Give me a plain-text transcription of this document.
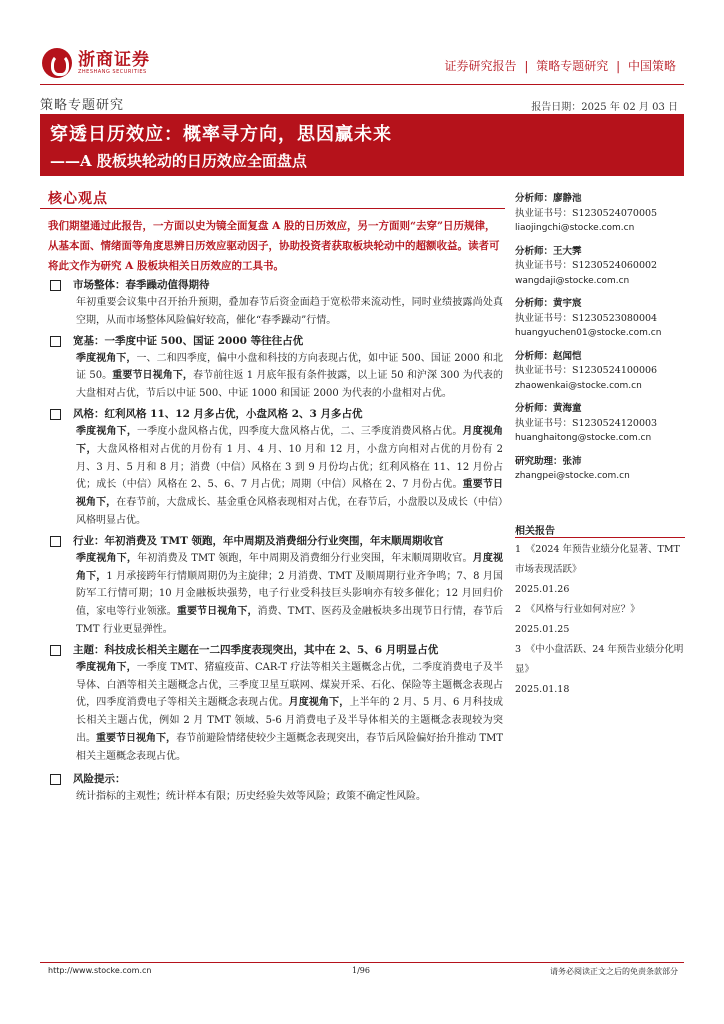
浙商证券
ZHESHANG SECURITIES	证券研究报告 | 策略专题研究 | 中国策略
策略专题研究	报告日期：2025 年 02 月 03 日
穿透日历效应：概率寻方向，思因赢未来
——A 股板块轮动的日历效应全面盘点
核心观点
我们期望通过此报告，一方面以史为镜全面复盘 A 股的日历效应，另一方面则“去穿”日历规律，从基本面、情绪面等角度思辨日历效应驱动因子，协助投资者获取板块轮动中的超额收益。读者可将此文作为研究 A 股板块相关日历效应的工具书。
市场整体：春季躁动值得期待
年初重要会议集中召开抬升预期，叠加春节后资金面趋于宽松带来流动性，同时业绩披露尚处真空期，从而市场整体风险偏好较高，催化“春季躁动”行情。
宽基：一季度中证 500、国证 2000 等往往占优
季度视角下，一、二和四季度，偏中小盘和科技的方向表现占优，如中证 500、国证 2000 和北证 50。重要节日视角下，春节前往返 1 月底年报有条件披露，以上证 50 和沪深 300 为代表的大盘相对占优，节后以中证 500、中证 1000 和国证 2000 为代表的小盘相对占优。
风格：红利风格 11、12 月多占优，小盘风格 2、3 月多占优
季度视角下，一季度小盘风格占优，四季度大盘风格占优，二、三季度消费风格占优。月度视角下，大盘风格相对占优的月份有 1 月、4 月、10 月和 12 月，小盘方向相对占优的月份有 2 月、3 月、5 月和 8 月；消费（中信）风格在 3 到 9 月份均占优；红利风格在 11、12 月份占优；成长（中信）风格在 2、5、6、7 月占优；周期（中信）风格在 2、7 月份占优。重要节日视角下，在春节前，大盘成长、基金重仓风格表现相对占优，在春节后，小盘股以及成长（中信）风格明显占优。
行业：年初消费及 TMT 领跑，年中周期及消费细分行业突围，年末顺周期收官
季度视角下，年初消费及 TMT 领跑，年中周期及消费细分行业突围，年末顺周期收官。月度视角下，1 月承接跨年行情顺周期仍为主旋律；2 月消费、TMT 及顺周期行业齐争鸣；7、8 月国防军工行情可期；10 月金融板块强势，电子行业受科技巨头影响亦有较多催化；12 月回归价值，家电等行业领涨。重要节日视角下，消费、TMT、医药及金融板块多出现节日行情，春节后 TMT 行业更显弹性。
主题：科技成长相关主题在一二四季度表现突出，其中在 2、5、6 月明显占优
季度视角下，一季度 TMT、猪瘟疫苗、CAR-T 疗法等相关主题概念占优，二季度消费电子及半导体、白酒等相关主题概念占优，三季度卫星互联网、煤炭开采、石化、保险等主题概念表现占优，四季度消费电子等相关主题概念表现占优。月度视角下，上半年的 2 月、5 月、6 月科技成长相关主题占优，例如 2 月 TMT 领域、5-6 月消费电子及半导体相关的主题概念表现较为突出。重要节日视角下，春节前避险情绪使较少主题概念表现突出，春节后风险偏好抬升推动 TMT 相关主题概念表现占优。
风险提示：
统计指标的主观性；统计样本有限；历史经验失效等风险；政策不确定性风险。
分析师：廖静池
执业证书号：S1230524070005
liaojingchi@stocke.com.cn
分析师：王大霁
执业证书号：S1230524060002
wangdaji@stocke.com.cn
分析师：黄宇宸
执业证书号：S1230523080004
huangyuchen01@stocke.com.cn
分析师：赵闻恺
执业证书号：S1230524100006
zhaowenkai@stocke.com.cn
分析师：黄海童
执业证书号：S1230524120003
huanghaitong@stocke.com.cn
研究助理：张沛
zhangpei@stocke.com.cn
相关报告
1　《2024 年预告业绩分化显著、TMT 市场表现活跃》
2025.01.26
2　《风格与行业如何对应？》
2025.01.25
3　《中小盘活跃、24 年预告业绩分化明显》
2025.01.18
http://www.stocke.com.cn	1/96	请务必阅读正文之后的免责条款部分
